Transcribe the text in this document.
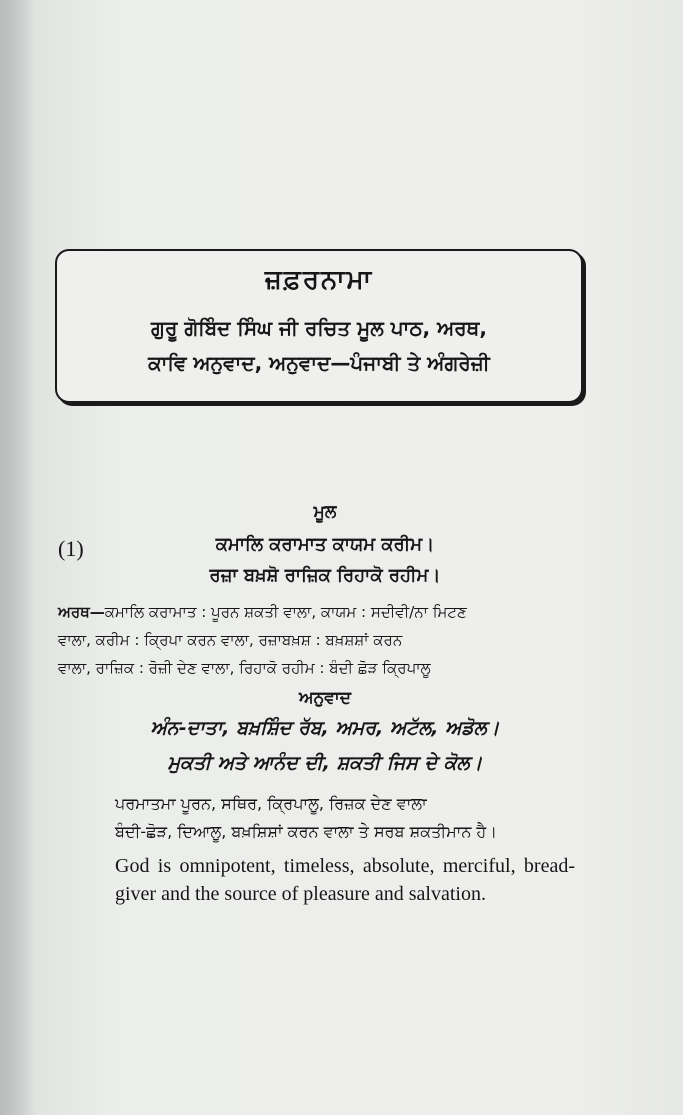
ਜ਼ਫ਼ਰਨਾਮਾ
ਗੁਰੂ ਗੋਬਿੰਦ ਸਿੰਘ ਜੀ ਰਚਿਤ ਮੂਲ ਪਾਠ, ਅਰਥ,
ਕਾਵਿ ਅਨੁਵਾਦ, ਅਨੁਵਾਦ—ਪੰਜਾਬੀ ਤੇ ਅੰਗਰੇਜ਼ੀ
ਮੂਲ
(1)	ਕਮਾਲਿ ਕਰਾਮਾਤ ਕਾਯਮ ਕਰੀਮ।
ਰਜ਼ਾ ਬਖ਼ਸ਼ੋ ਰਾਜ਼ਿਕ ਰਿਹਾਕੋ ਰਹੀਮ।
ਅਰਥ—ਕਮਾਲਿ ਕਰਾਮਾਤ : ਪੂਰਨ ਸ਼ਕਤੀ ਵਾਲਾ, ਕਾਯਮ : ਸਦੀਵੀ/ਨਾ ਮਿਟਣ
ਵਾਲਾ, ਕਰੀਮ : ਕ੍ਰਿਪਾ ਕਰਨ ਵਾਲਾ, ਰਜ਼ਾਬਖ਼ਸ਼ : ਬਖ਼ਸ਼ਸ਼ਾਂ ਕਰਨ
ਵਾਲਾ, ਰਾਜ਼ਿਕ : ਰੋਜ਼ੀ ਦੇਣ ਵਾਲਾ, ਰਿਹਾਕੋ ਰਹੀਮ : ਬੰਦੀ ਛੋੜ ਕ੍ਰਿਪਾਲੂ
ਅਨੁਵਾਦ
ਅੰਨ-ਦਾਤਾ, ਬਖ਼ਸ਼ਿੰਦ ਰੱਬ, ਅਮਰ, ਅਟੱਲ, ਅਡੋਲ।
ਮੁਕਤੀ ਅਤੇ ਆਨੰਦ ਦੀ, ਸ਼ਕਤੀ ਜਿਸ ਦੇ ਕੋਲ।
ਪਰਮਾਤਮਾ ਪੂਰਨ, ਸਥਿਰ, ਕ੍ਰਿਪਾਲੂ, ਰਿਜ਼ਕ ਦੇਣ ਵਾਲਾ
ਬੰਦੀ-ਛੋੜ, ਦਿਆਲੂ, ਬਖ਼ਸ਼ਿਸ਼ਾਂ ਕਰਨ ਵਾਲਾ ਤੇ ਸਰਬ ਸ਼ਕਤੀਮਾਨ ਹੈ।
God is omnipotent, timeless, absolute, merciful, bread-giver and the source of pleasure and salvation.
